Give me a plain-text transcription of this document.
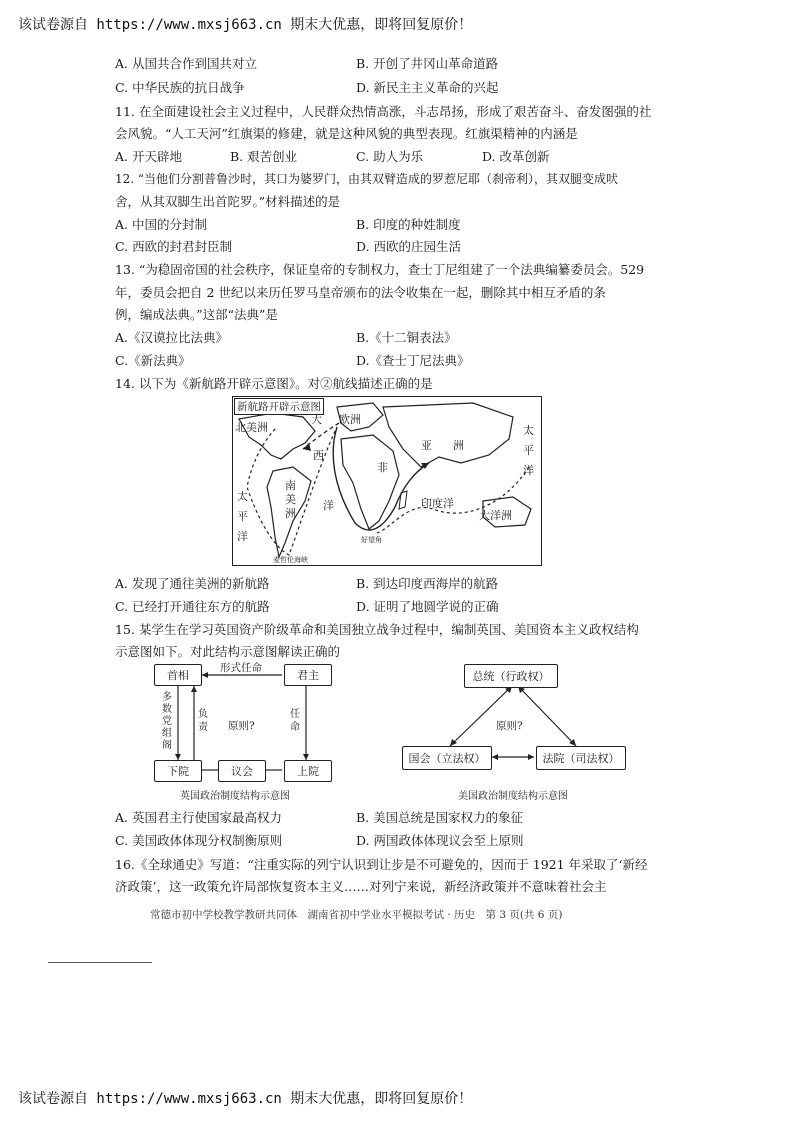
该试卷源自 https://www.mxsj663.cn 期末大优惠，即将回复原价！
A. 从国共合作到国共对立	B. 开创了井冈山革命道路
C. 中华民族的抗日战争	D. 新民主主义革命的兴起
11. 在全面建设社会主义过程中，人民群众热情高涨，斗志昂扬，形成了艰苦奋斗、奋发图强的社
会风貌。“人工天河”红旗渠的修建，就是这种风貌的典型表现。红旗渠精神的内涵是
A. 开天辟地	B. 艰苦创业	C. 助人为乐	D. 改革创新
12. “当他们分割普鲁沙时，其口为婆罗门，由其双臂造成的罗惹尼耶（刹帝利），其双腿变成吠
舍，从其双脚生出首陀罗。”材料描述的是
A. 中国的分封制	B. 印度的种姓制度
C. 西欧的封君封臣制	D. 西欧的庄园生活
13. “为稳固帝国的社会秩序，保证皇帝的专制权力，查士丁尼组建了一个法典编纂委员会。529
年，委员会把自 2 世纪以来历任罗马皇帝颁布的法令收集在一起，删除其中相互矛盾的条
例，编成法典。”这部“法典”是
A.《汉谟拉比法典》	B.《十二铜表法》
C.《新法典》	D.《查士丁尼法典》
14. 以下为《新航路开辟示意图》。对②航线描述正确的是
新航路开辟示意图
北美洲
欧洲
大
西
洋
亚 洲
非
南美洲
太平洋
太平洋
印度洋
大洋洲
好望角
麦哲伦海峡
A. 发现了通往美洲的新航路	B. 到达印度西海岸的航路
C. 已经打开通往东方的航路	D. 证明了地圆学说的正确
15. 某学生在学习英国资产阶级革命和美国独立战争过程中，编制英国、美国资本主义政权结构
示意图如下。对此结构示意图解读正确的
首相	君主
下院	议会	上院
形式任命
多数党组阁
负责
任命
原则?
英国政治制度结构示意图
总统（行政权）
国会（立法权）	法院（司法权）
原则?
美国政治制度结构示意图
A. 英国君主行使国家最高权力	B. 美国总统是国家权力的象征
C. 美国政体体现分权制衡原则	D. 两国政体体现议会至上原则
16.《全球通史》写道：“注重实际的列宁认识到让步是不可避免的，因而于 1921 年采取了‘新经
济政策’，这一政策允许局部恢复资本主义……对列宁来说，新经济政策并不意味着社会主
常德市初中学校教学教研共同体　湖南省初中学业水平模拟考试 · 历史　第 3 页(共 6 页)
该试卷源自 https://www.mxsj663.cn 期末大优惠，即将回复原价！
